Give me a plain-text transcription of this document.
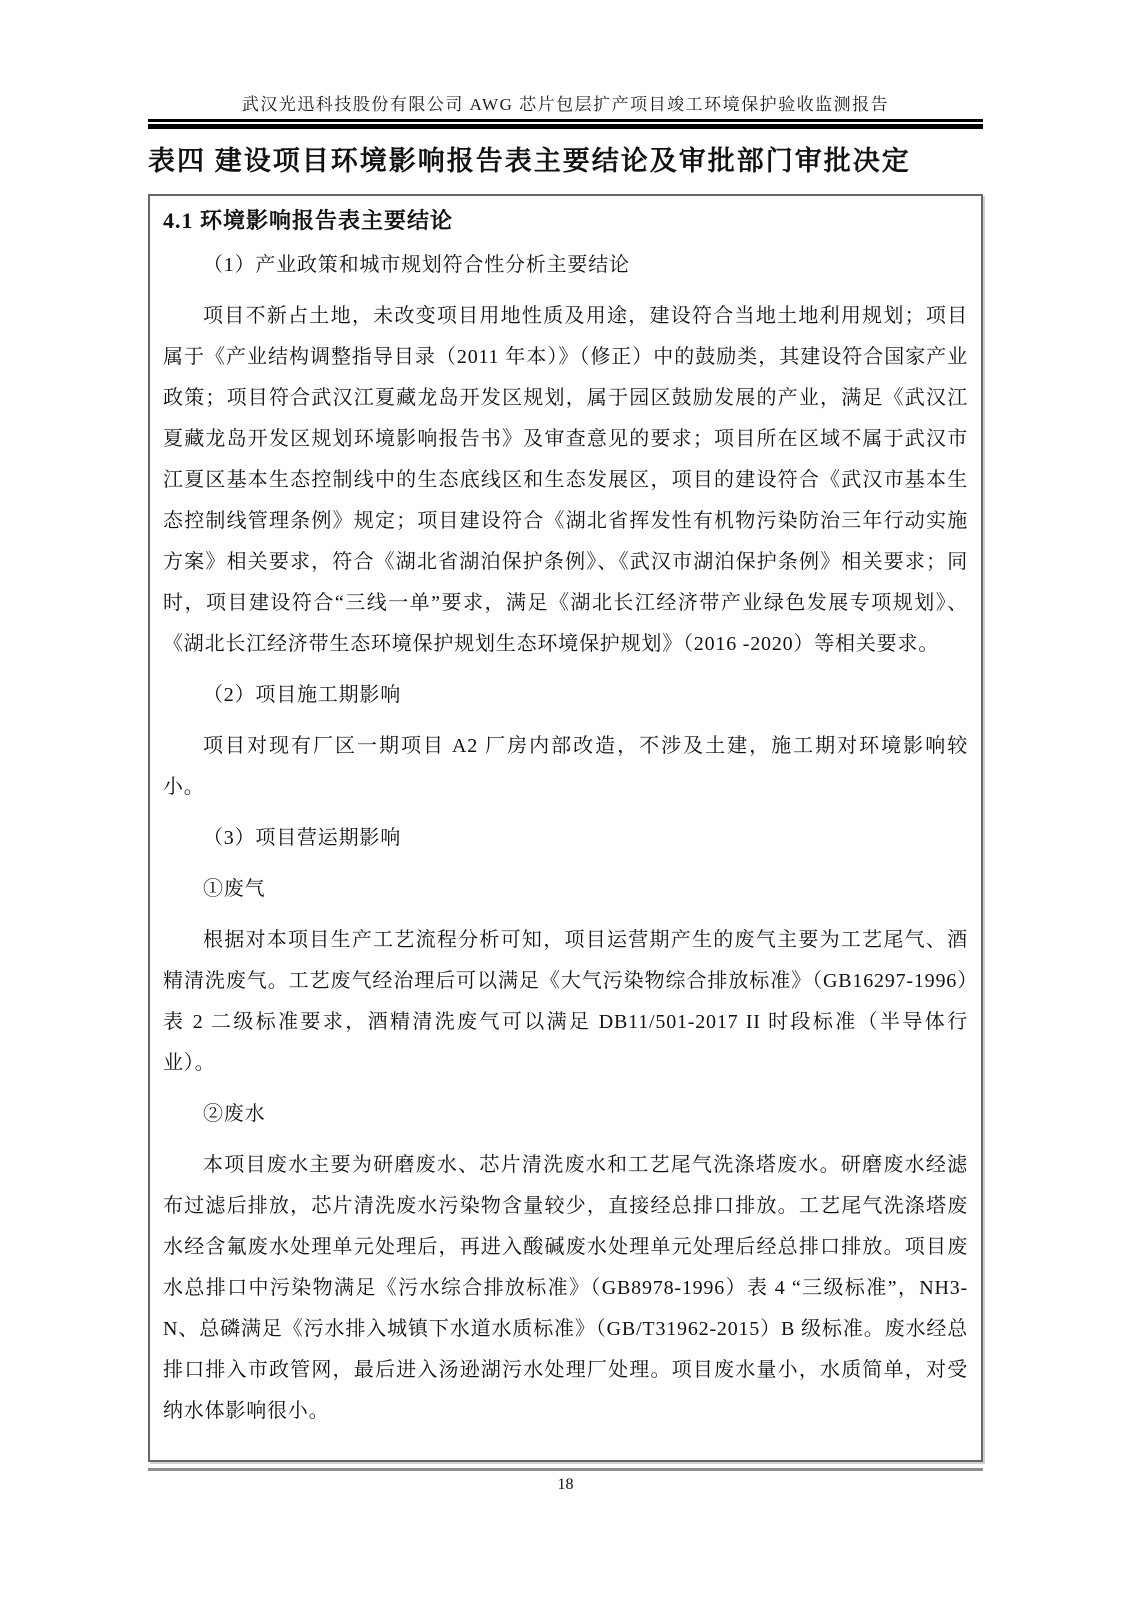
武汉光迅科技股份有限公司 AWG 芯片包层扩产项目竣工环境保护验收监测报告
表四 建设项目环境影响报告表主要结论及审批部门审批决定
4.1 环境影响报告表主要结论

（1）产业政策和城市规划符合性分析主要结论

项目不新占土地，未改变项目用地性质及用途，建设符合当地土地利用规划；项目属于《产业结构调整指导目录（2011 年本）》（修正）中的鼓励类，其建设符合国家产业政策；项目符合武汉江夏藏龙岛开发区规划，属于园区鼓励发展的产业，满足《武汉江夏藏龙岛开发区规划环境影响报告书》及审查意见的要求；项目所在区域不属于武汉市江夏区基本生态控制线中的生态底线区和生态发展区，项目的建设符合《武汉市基本生态控制线管理条例》规定；项目建设符合《湖北省挥发性有机物污染防治三年行动实施方案》相关要求，符合《湖北省湖泊保护条例》、《武汉市湖泊保护条例》相关要求；同时，项目建设符合“三线一单”要求，满足《湖北长江经济带产业绿色发展专项规划》、《湖北长江经济带生态环境保护规划生态环境保护规划》（2016 -2020）等相关要求。

（2）项目施工期影响

项目对现有厂区一期项目 A2 厂房内部改造，不涉及土建，施工期对环境影响较小。

（3）项目营运期影响

①废气

根据对本项目生产工艺流程分析可知，项目运营期产生的废气主要为工艺尾气、酒精清洗废气。工艺废气经治理后可以满足《大气污染物综合排放标准》（GB16297-1996）表 2 二级标准要求，酒精清洗废气可以满足 DB11/501-2017 II 时段标准（半导体行业）。

②废水

本项目废水主要为研磨废水、芯片清洗废水和工艺尾气洗涤塔废水。研磨废水经滤布过滤后排放，芯片清洗废水污染物含量较少，直接经总排口排放。工艺尾气洗涤塔废水经含氟废水处理单元处理后，再进入酸碱废水处理单元处理后经总排口排放。项目废水总排口中污染物满足《污水综合排放标准》（GB8978-1996）表 4 “三级标准”，NH3-N、总磷满足《污水排入城镇下水道水质标准》（GB/T31962-2015）B 级标准。废水经总排口排入市政管网，最后进入汤逊湖污水处理厂处理。项目废水量小，水质简单，对受纳水体影响很小。

18
